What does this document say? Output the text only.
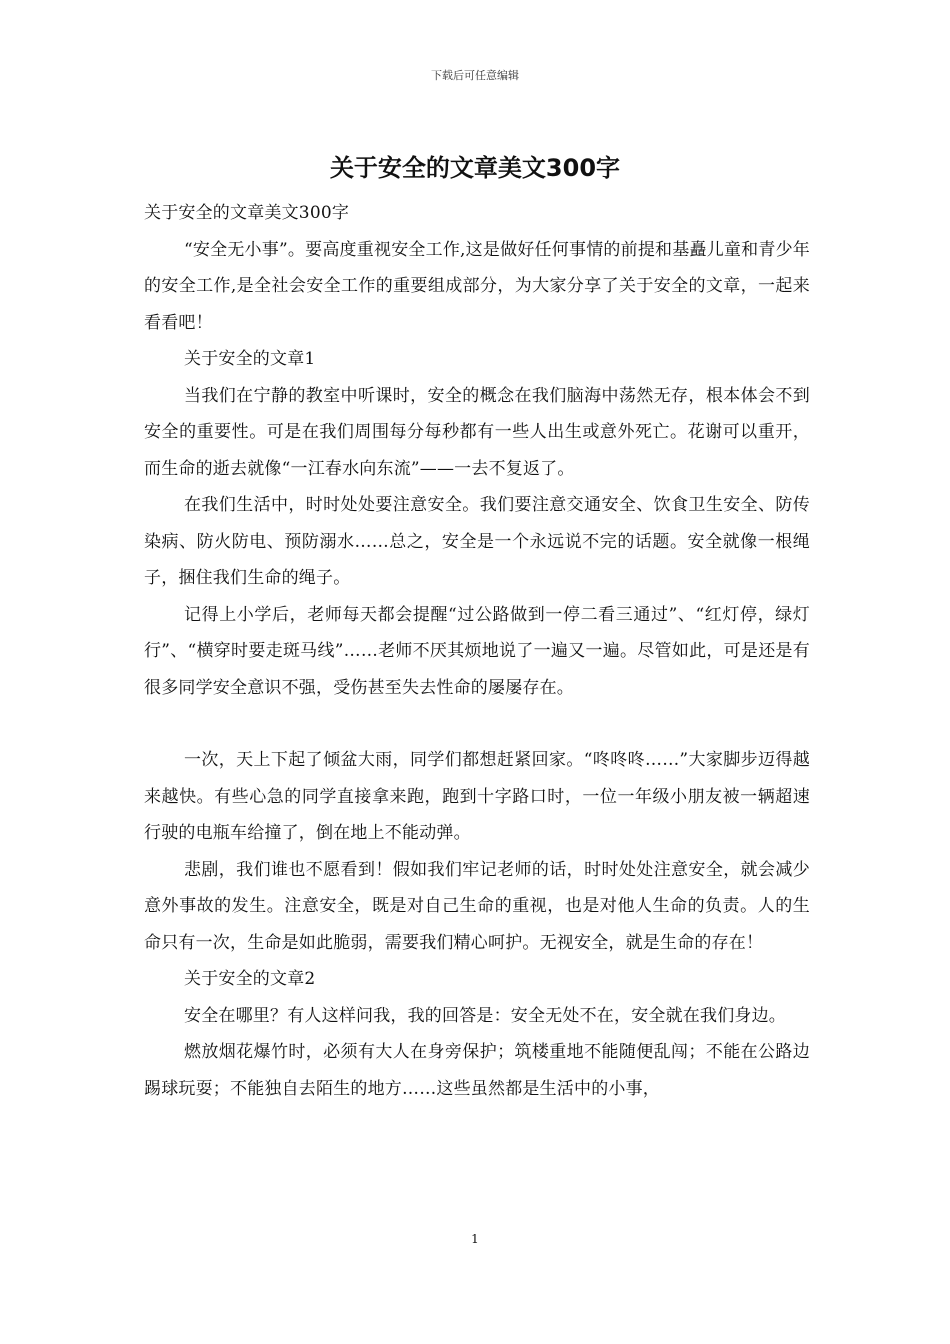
下载后可任意编辑
关于安全的文章美文300字

关于安全的文章美文300字

“安全无小事”。要高度重视安全工作,这是做好任何事情的前提和基矗儿童和青少年的安全工作,是全社会安全工作的重要组成部分，为大家分享了关于安全的文章，一起来看看吧！

关于安全的文章1

当我们在宁静的教室中听课时，安全的概念在我们脑海中荡然无存，根本体会不到安全的重要性。可是在我们周围每分每秒都有一些人出生或意外死亡。花谢可以重开，而生命的逝去就像“一江春水向东流”——一去不复返了。

在我们生活中，时时处处要注意安全。我们要注意交通安全、饮食卫生安全、防传染病、防火防电、预防溺水……总之，安全是一个永远说不完的话题。安全就像一根绳子，捆住我们生命的绳子。

记得上小学后，老师每天都会提醒“过公路做到一停二看三通过”、“红灯停，绿灯行”、“横穿时要走斑马线”……老师不厌其烦地说了一遍又一遍。尽管如此，可是还是有很多同学安全意识不强，受伤甚至失去性命的屡屡存在。

一次，天上下起了倾盆大雨，同学们都想赶紧回家。“咚咚咚……”大家脚步迈得越来越快。有些心急的同学直接拿来跑，跑到十字路口时，一位一年级小朋友被一辆超速行驶的电瓶车给撞了，倒在地上不能动弹。

悲剧，我们谁也不愿看到！假如我们牢记老师的话，时时处处注意安全，就会减少意外事故的发生。注意安全，既是对自己生命的重视，也是对他人生命的负责。人的生命只有一次，生命是如此脆弱，需要我们精心呵护。无视安全，就是生命的存在！

关于安全的文章2

安全在哪里？有人这样问我，我的回答是：安全无处不在，安全就在我们身边。

燃放烟花爆竹时，必须有大人在身旁保护；筑楼重地不能随便乱闯；不能在公路边踢球玩耍；不能独自去陌生的地方……这些虽然都是生活中的小事，

1
